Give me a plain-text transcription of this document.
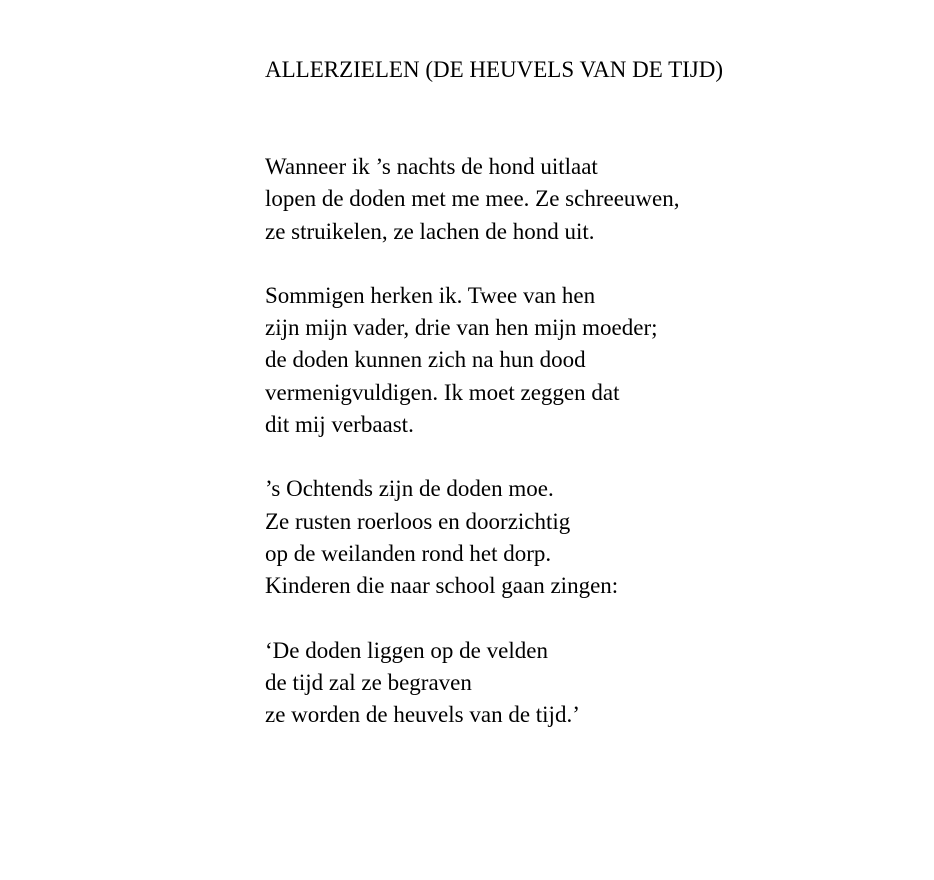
ALLERZIELEN (DE HEUVELS VAN DE TIJD)
Wanneer ik ’s nachts de hond uitlaat
lopen de doden met me mee. Ze schreeuwen,
ze struikelen, ze lachen de hond uit.
Sommigen herken ik. Twee van hen
zijn mijn vader, drie van hen mijn moeder;
de doden kunnen zich na hun dood
vermenigvuldigen. Ik moet zeggen dat
dit mij verbaast.
’s Ochtends zijn de doden moe.
Ze rusten roerloos en doorzichtig
op de weilanden rond het dorp.
Kinderen die naar school gaan zingen:
‘De doden liggen op de velden
de tijd zal ze begraven
ze worden de heuvels van de tijd.’
